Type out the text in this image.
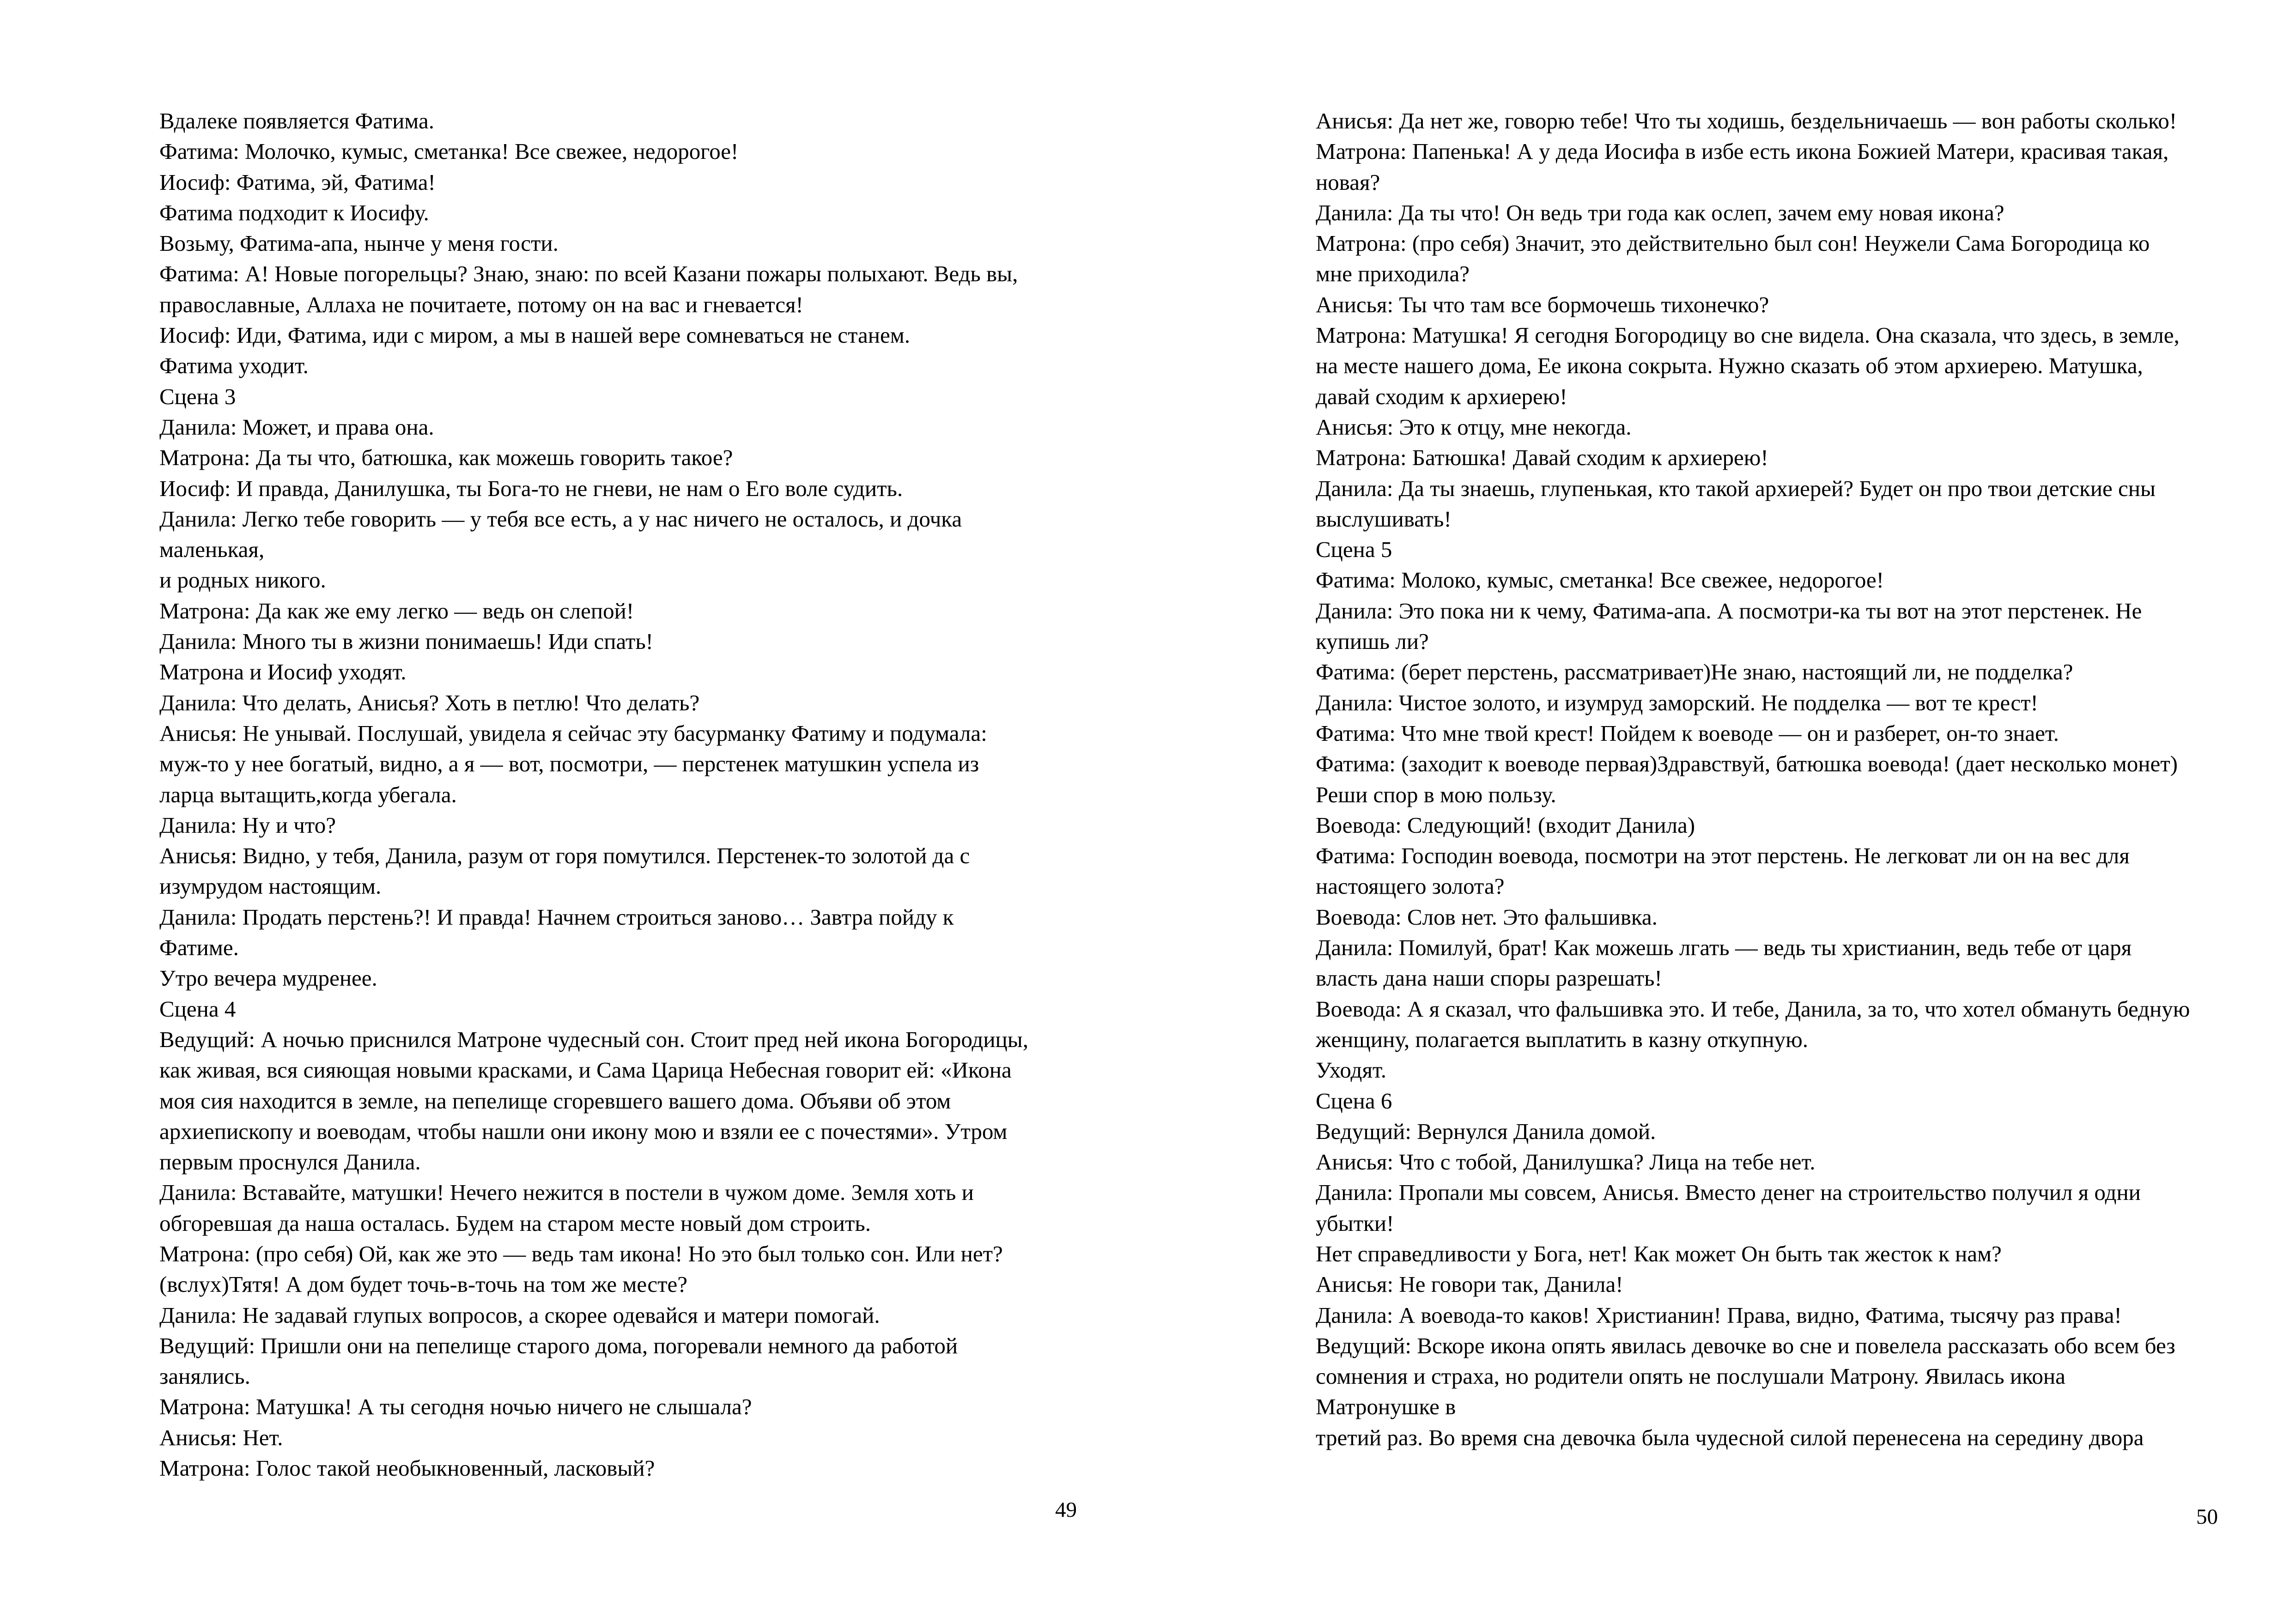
Вдалеке появляется Фатима.
Фатима: Молочко, кумыс, сметанка! Все свежее, недорогое!
Иосиф: Фатима, эй, Фатима!
Фатима подходит к Иосифу.
Возьму, Фатима-апа, нынче у меня гости.
Фатима: А! Новые погорельцы? Знаю, знаю: по всей Казани пожары полыхают. Ведь вы,
православные, Аллаха не почитаете, потому он на вас и гневается!
Иосиф: Иди, Фатима, иди с миром, а мы в нашей вере сомневаться не станем.
Фатима уходит.
Сцена 3
Данила: Может, и права она.
Матрона: Да ты что, батюшка, как можешь говорить такое?
Иосиф: И правда, Данилушка, ты Бога-то не гневи, не нам о Его воле судить.
Данила: Легко тебе говорить — у тебя все есть, а у нас ничего не осталось, и дочка
маленькая,
и родных никого.
Матрона: Да как же ему легко — ведь он слепой!
Данила: Много ты в жизни понимаешь! Иди спать!
Матрона и Иосиф уходят.
Данила: Что делать, Анисья? Хоть в петлю! Что делать?
Анисья: Не унывай. Послушай, увидела я сейчас эту басурманку Фатиму и подумала:
муж-то у нее богатый, видно, а я — вот, посмотри, — перстенек матушкин успела из
ларца вытащить,когда убегала.
Данила: Ну и что?
Анисья: Видно, у тебя, Данила, разум от горя помутился. Перстенек-то золотой да с
изумрудом настоящим.
Данила: Продать перстень?! И правда! Начнем строиться заново… Завтра пойду к
Фатиме.
Утро вечера мудренее.
Сцена 4
Ведущий: А ночью приснился Матроне чудесный сон. Стоит пред ней икона Богородицы,
как живая, вся сияющая новыми красками, и Сама Царица Небесная говорит ей: «Икона
моя сия находится в земле, на пепелище сгоревшего вашего дома. Объяви об этом
архиепископу и воеводам, чтобы нашли они икону мою и взяли ее с почестями». Утром
первым проснулся Данила.
Данила: Вставайте, матушки! Нечего нежится в постели в чужом доме. Земля хоть и
обгоревшая да наша осталась. Будем на старом месте новый дом строить.
Матрона: (про себя) Ой, как же это — ведь там икона! Но это был только сон. Или нет?
(вслух)Тятя! А дом будет точь-в-точь на том же месте?
Данила: Не задавай глупых вопросов, а скорее одевайся и матери помогай.
Ведущий: Пришли они на пепелище старого дома, погоревали немного да работой
занялись.
Матрона: Матушка! А ты сегодня ночью ничего не слышала?
Анисья: Нет.
Матрона: Голос такой необыкновенный, ласковый?
49
Анисья: Да нет же, говорю тебе! Что ты ходишь, бездельничаешь — вон работы сколько!
Матрона: Папенька! А у деда Иосифа в избе есть икона Божией Матери, красивая такая,
новая?
Данила: Да ты что! Он ведь три года как ослеп, зачем ему новая икона?
Матрона: (про себя) Значит, это действительно был сон! Неужели Сама Богородица ко
мне приходила?
Анисья: Ты что там все бормочешь тихонечко?
Матрона: Матушка! Я сегодня Богородицу во сне видела. Она сказала, что здесь, в земле,
на месте нашего дома, Ее икона сокрыта. Нужно сказать об этом архиерею. Матушка,
давай сходим к архиерею!
Анисья: Это к отцу, мне некогда.
Матрона: Батюшка! Давай сходим к архиерею!
Данила: Да ты знаешь, глупенькая, кто такой архиерей? Будет он про твои детские сны
выслушивать!
Сцена 5
Фатима: Молоко, кумыс, сметанка! Все свежее, недорогое!
Данила: Это пока ни к чему, Фатима-апа. А посмотри-ка ты вот на этот перстенек. Не
купишь ли?
Фатима: (берет перстень, рассматривает)Не знаю, настоящий ли, не подделка?
Данила: Чистое золото, и изумруд заморский. Не подделка — вот те крест!
Фатима: Что мне твой крест! Пойдем к воеводе — он и разберет, он-то знает.
Фатима: (заходит к воеводе первая)Здравствуй, батюшка воевода! (дает несколько монет)
Реши спор в мою пользу.
Воевода: Следующий! (входит Данила)
Фатима: Господин воевода, посмотри на этот перстень. Не легковат ли он на вес для
настоящего золота?
Воевода: Слов нет. Это фальшивка.
Данила: Помилуй, брат! Как можешь лгать — ведь ты христианин, ведь тебе от царя
власть дана наши споры разрешать!
Воевода: А я сказал, что фальшивка это. И тебе, Данила, за то, что хотел обмануть бедную
женщину, полагается выплатить в казну откупную.
Уходят.
Сцена 6
Ведущий: Вернулся Данила домой.
Анисья: Что с тобой, Данилушка? Лица на тебе нет.
Данила: Пропали мы совсем, Анисья. Вместо денег на строительство получил я одни
убытки!
Нет справедливости у Бога, нет! Как может Он быть так жесток к нам?
Анисья: Не говори так, Данила!
Данила: А воевода-то каков! Христианин! Права, видно, Фатима, тысячу раз права!
Ведущий: Вскоре икона опять явилась девочке во сне и повелела рассказать обо всем без
сомнения и страха, но родители опять не послушали Матрону. Явилась икона
Матронушке в
третий раз. Во время сна девочка была чудесной силой перенесена на середину двора
50
